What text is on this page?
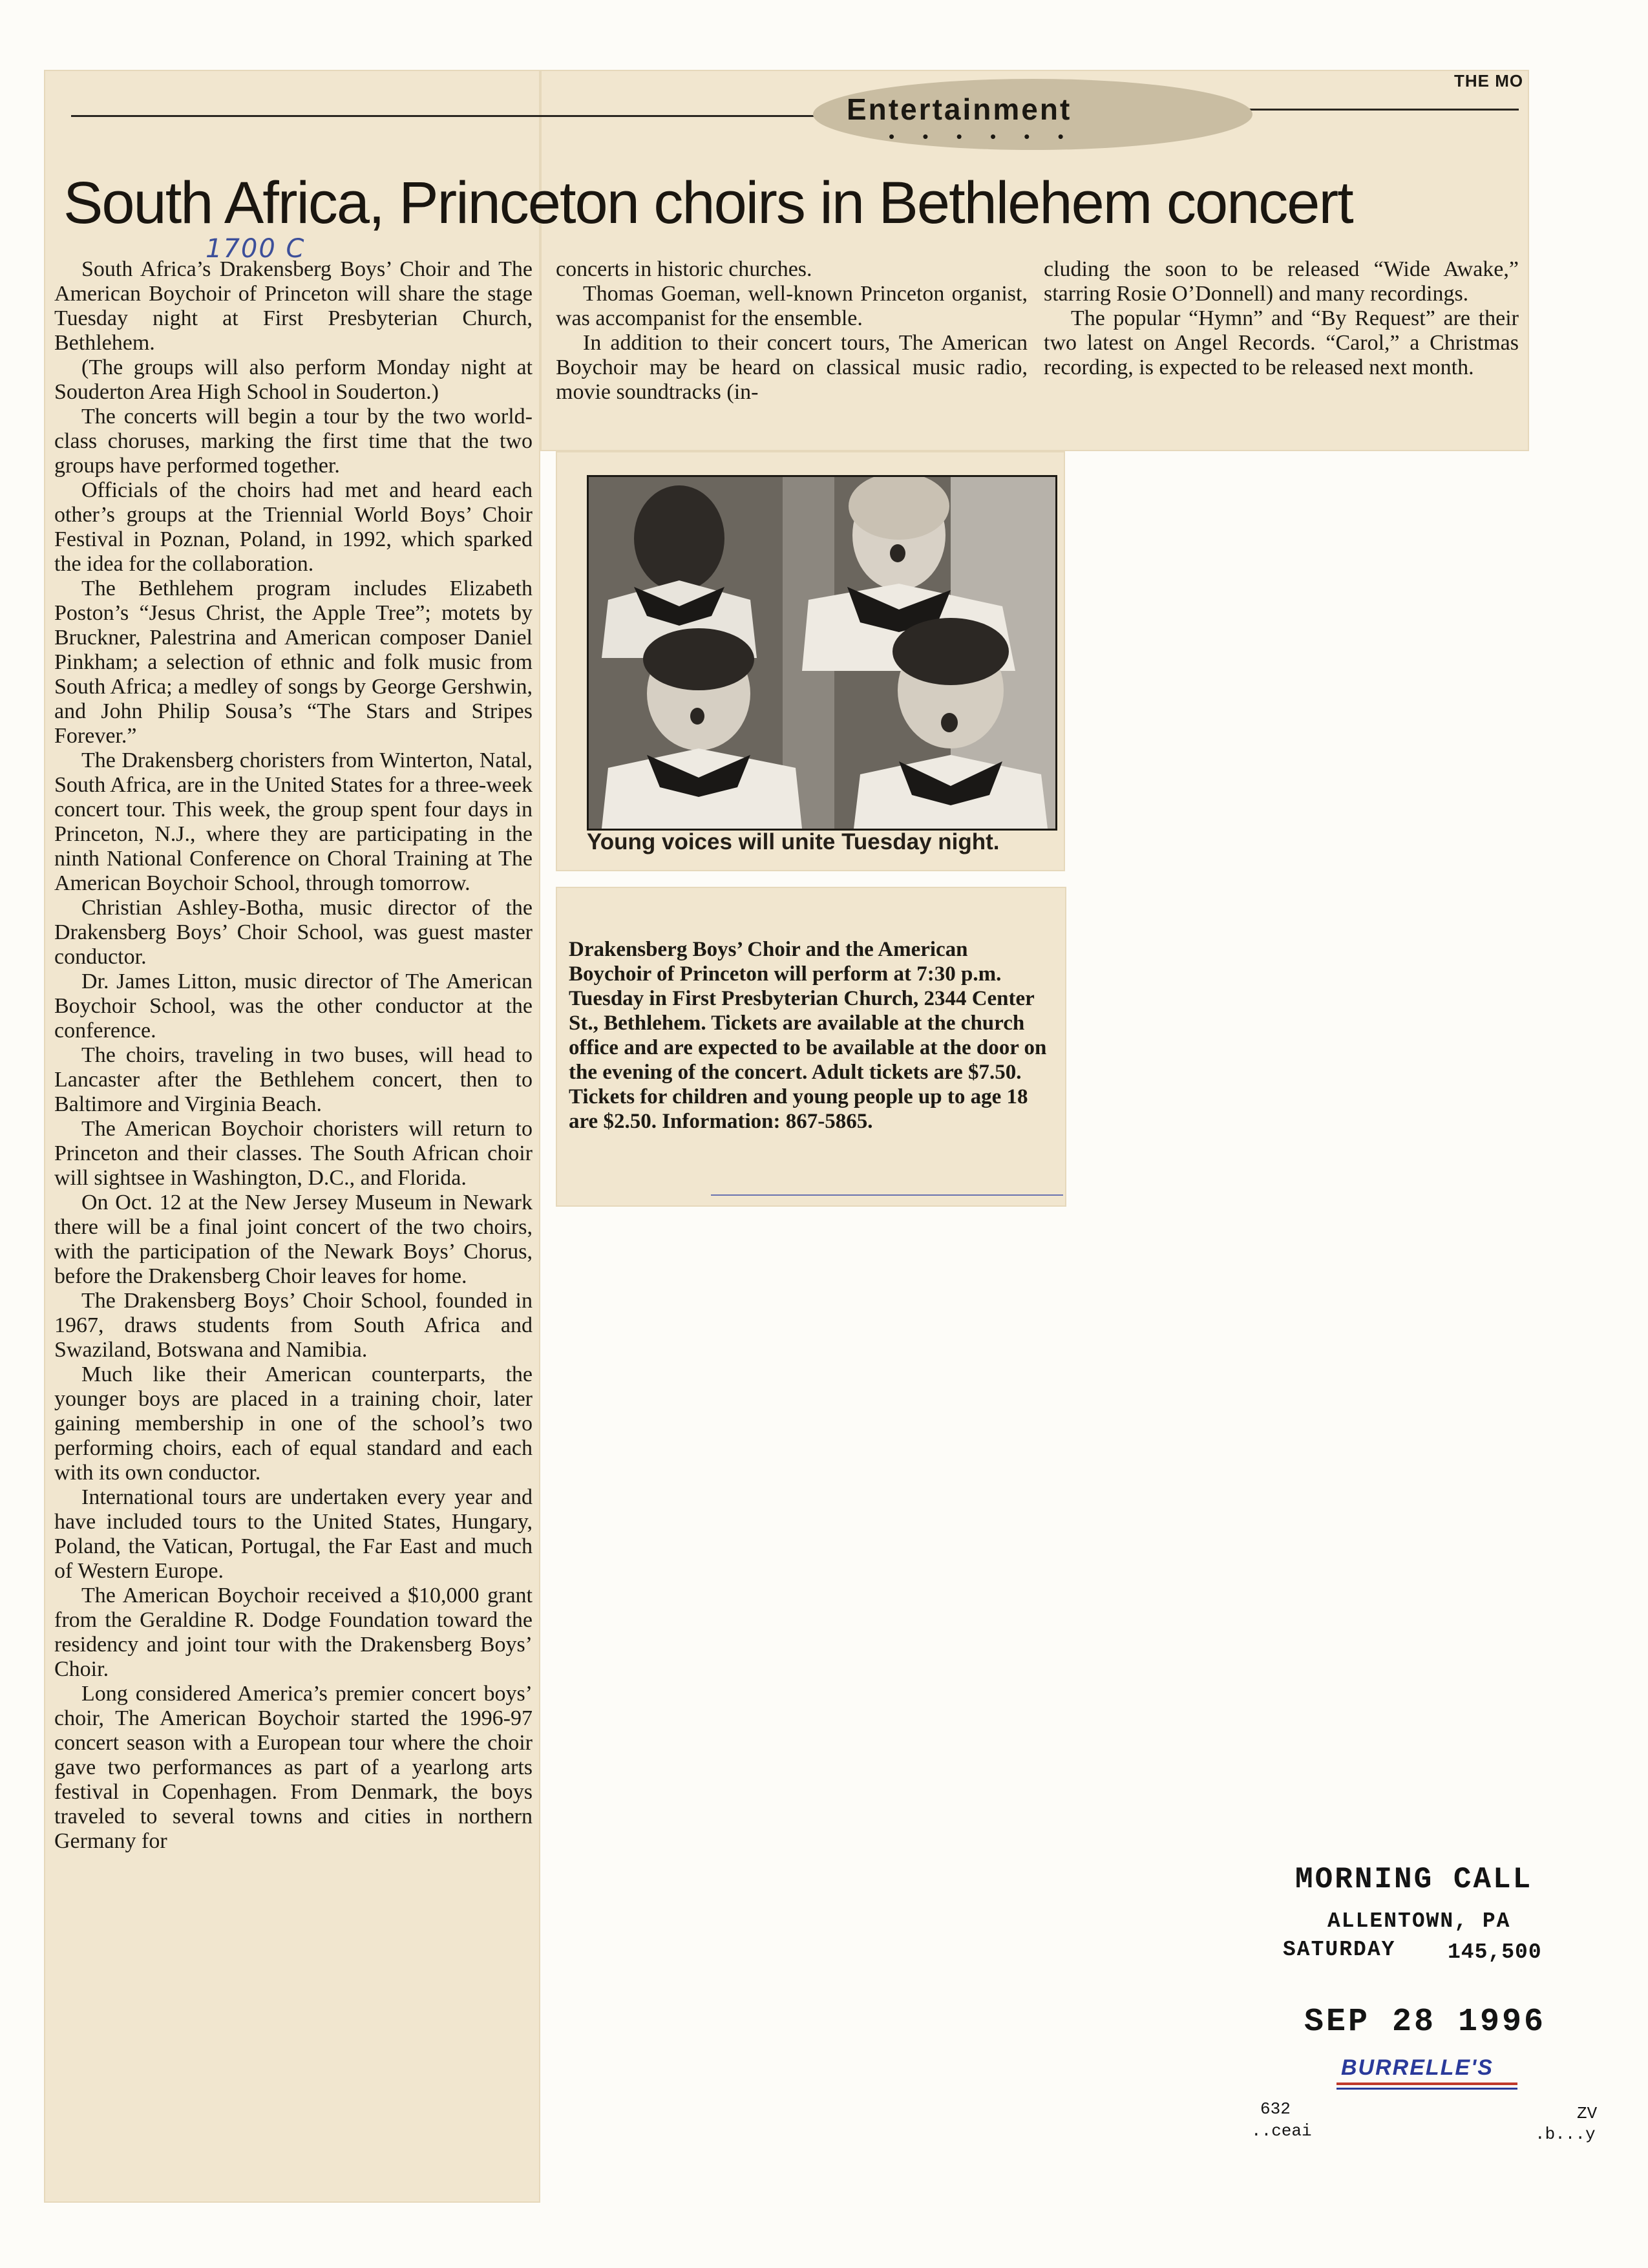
THE MO
Entertainment
• • • • • •
South Africa, Princeton choirs in Bethlehem concert
1700 C

South Africa’s Drakensberg Boys’ Choir and The American Boychoir of Princeton will share the stage Tuesday night at First Presbyterian Church, Bethlehem.

(The groups will also perform Monday night at Souderton Area High School in Souderton.)

The concerts will begin a tour by the two world-class choruses, marking the first time that the two groups have performed together.

Officials of the choirs had met and heard each other’s groups at the Triennial World Boys’ Choir Festival in Poznan, Poland, in 1992, which sparked the idea for the collaboration.

The Bethlehem program includes Elizabeth Poston’s “Jesus Christ, the Apple Tree”; motets by Bruckner, Palestrina and American composer Daniel Pinkham; a selection of ethnic and folk music from South Africa; a medley of songs by George Gershwin, and John Philip Sousa’s “The Stars and Stripes Forever.”

The Drakensberg choristers from Winterton, Natal, South Africa, are in the United States for a three-week concert tour. This week, the group spent four days in Princeton, N.J., where they are participating in the ninth National Conference on Choral Training at The American Boychoir School, through tomorrow.

Christian Ashley-Botha, music director of the Drakensberg Boys’ Choir School, was guest master conductor.

Dr. James Litton, music director of The American Boychoir School, was the other conductor at the conference.

The choirs, traveling in two buses, will head to Lancaster after the Bethlehem concert, then to Baltimore and Virginia Beach.

The American Boychoir choristers will return to Princeton and their classes. The South African choir will sightsee in Washington, D.C., and Florida.

On Oct. 12 at the New Jersey Museum in Newark there will be a final joint concert of the two choirs, with the participation of the Newark Boys’ Chorus, before the Drakensberg Choir leaves for home.

The Drakensberg Boys’ Choir School, founded in 1967, draws students from South Africa and Swaziland, Botswana and Namibia.

Much like their American counterparts, the younger boys are placed in a training choir, later gaining membership in one of the school’s two performing choirs, each of equal standard and each with its own conductor.

International tours are undertaken every year and have included tours to the United States, Hungary, Poland, the Vatican, Portugal, the Far East and much of Western Europe.

The American Boychoir received a $10,000 grant from the Geraldine R. Dodge Foundation toward the residency and joint tour with the Drakensberg Boys’ Choir.

Long considered America’s premier concert boys’ choir, The American Boychoir started the 1996-97 concert season with a European tour where the choir gave two performances as part of a yearlong arts festival in Copenhagen. From Denmark, the boys traveled to several towns and cities in northern Germany for

concerts in historic churches.

Thomas Goeman, well-known Princeton organist, was accompanist for the ensemble.

In addition to their concert tours, The American Boychoir may be heard on classical music radio, movie soundtracks (in-

cluding the soon to be released “Wide Awake,” starring Rosie O’Donnell) and many recordings.

The popular “Hymn” and “By Request” are their two latest on Angel Records. “Carol,” a Christmas recording, is expected to be released next month.

Young voices will unite Tuesday night.
Drakensberg Boys’ Choir and the American Boychoir of Princeton will perform at 7:30 p.m. Tuesday in First Presbyterian Church, 2344 Center St., Bethlehem. Tickets are available at the church office and are expected to be available at the door on the evening of the concert. Adult tickets are $7.50. Tickets for children and young people up to age 18 are $2.50. Information: 867-5865.
MORNING CALL
ALLENTOWN, PA
SATURDAY 145,500
SEP 28 1996
BURRELLE'S
632
..ceai
ZV
.b...y
